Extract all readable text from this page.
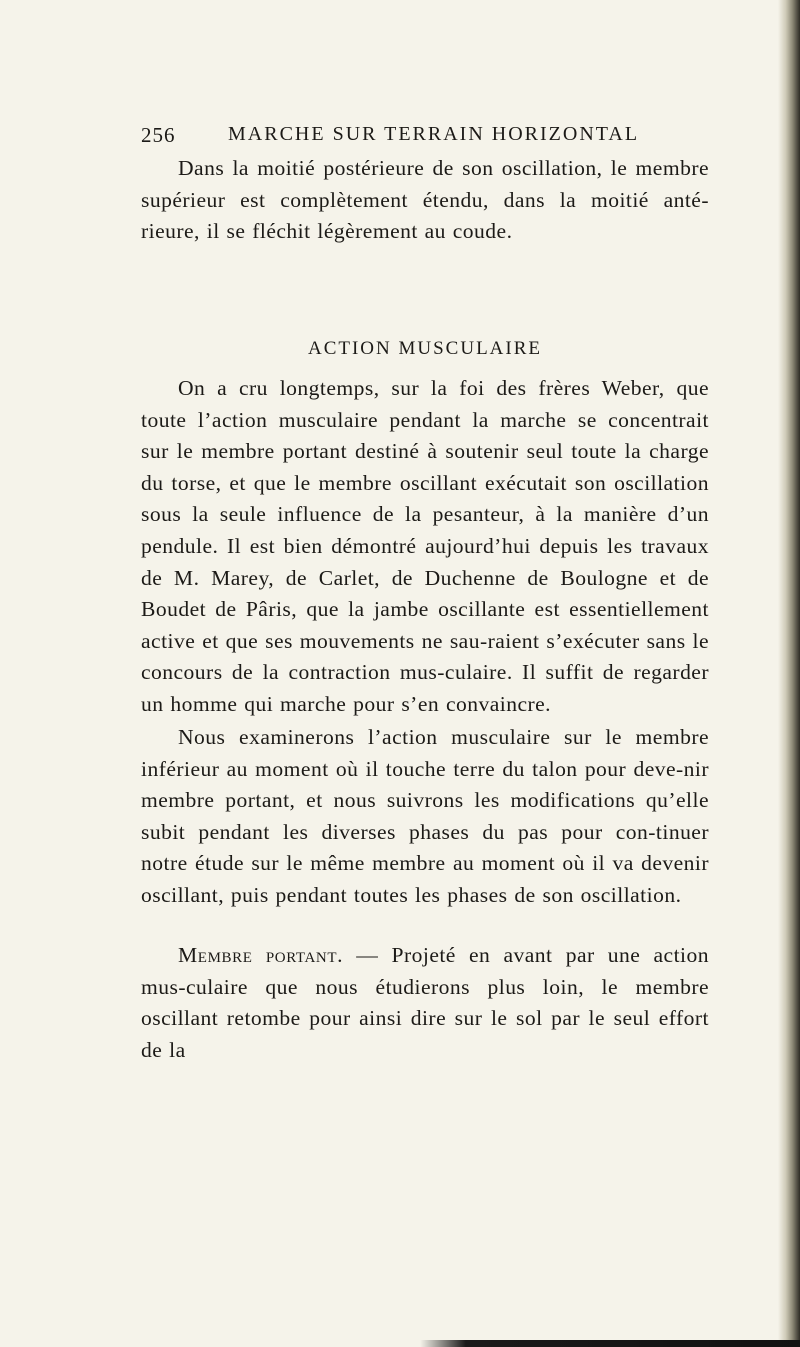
256	MARCHE SUR TERRAIN HORIZONTAL

Dans la moitié postérieure de son oscillation, le membre supérieur est complètement étendu, dans la moitié anté-rieure, il se fléchit légèrement au coude.

ACTION MUSCULAIRE

On a cru longtemps, sur la foi des frères Weber, que toute l’action musculaire pendant la marche se concentrait sur le membre portant destiné à soutenir seul toute la charge du torse, et que le membre oscillant exécutait son oscillation sous la seule influence de la pesanteur, à la manière d’un pendule. Il est bien démontré aujourd’hui depuis les travaux de M. Marey, de Carlet, de Duchenne de Boulogne et de Boudet de Pâris, que la jambe oscillante est essentiellement active et que ses mouvements ne sau-raient s’exécuter sans le concours de la contraction mus-culaire. Il suffit de regarder un homme qui marche pour s’en convaincre.

Nous examinerons l’action musculaire sur le membre inférieur au moment où il touche terre du talon pour deve-nir membre portant, et nous suivrons les modifications qu’elle subit pendant les diverses phases du pas pour con-tinuer notre étude sur le même membre au moment où il va devenir oscillant, puis pendant toutes les phases de son oscillation.

Membre portant. — Projeté en avant par une action mus-culaire que nous étudierons plus loin, le membre oscillant retombe pour ainsi dire sur le sol par le seul effort de la
